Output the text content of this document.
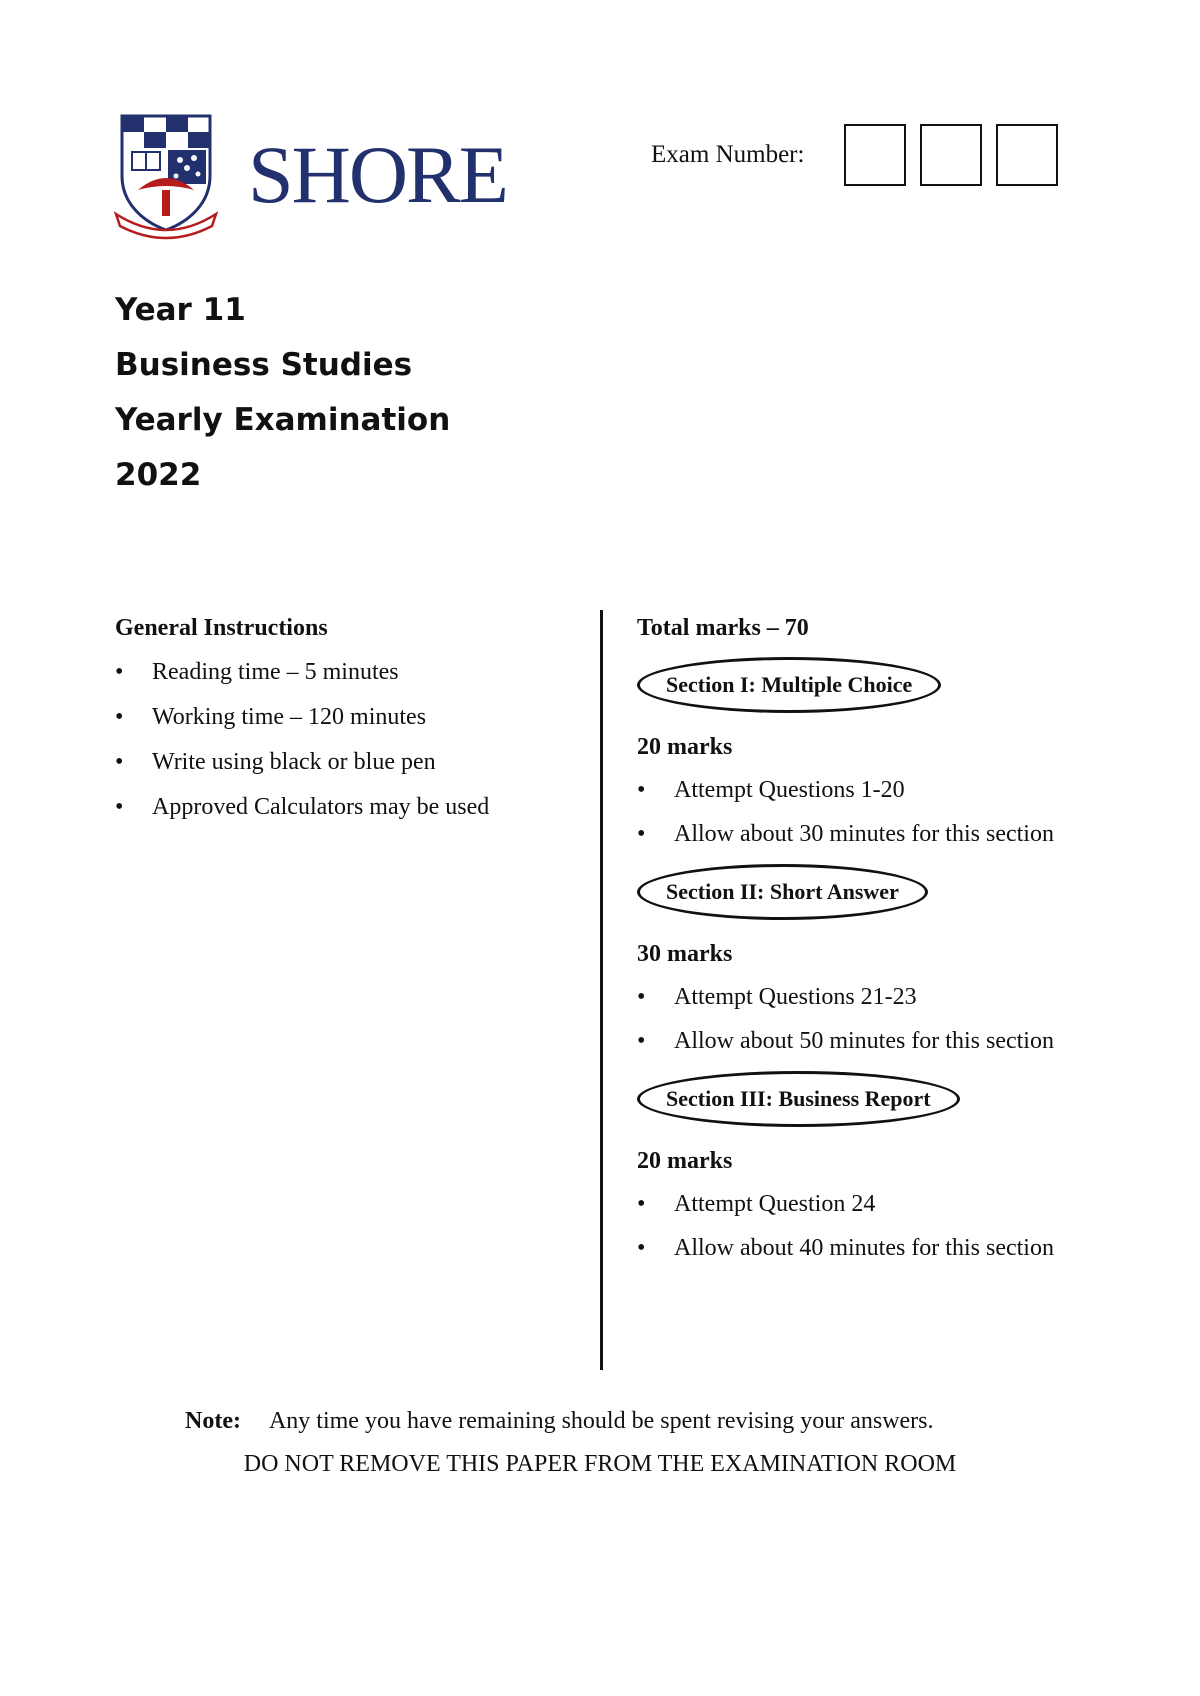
SHORE	Exam Number:
Year 11
Business Studies
Yearly Examination
2022
General Instructions
• Reading time – 5 minutes
• Working time – 120 minutes
• Write using black or blue pen
• Approved Calculators may be used
Total marks – 70
Section I: Multiple Choice
20 marks
• Attempt Questions 1-20
• Allow about 30 minutes for this section
Section II: Short Answer
30 marks
• Attempt Questions 21-23
• Allow about 50 minutes for this section
Section III: Business Report
20 marks
• Attempt Question 24
• Allow about 40 minutes for this section
Note: Any time you have remaining should be spent revising your answers.
DO NOT REMOVE THIS PAPER FROM THE EXAMINATION ROOM
